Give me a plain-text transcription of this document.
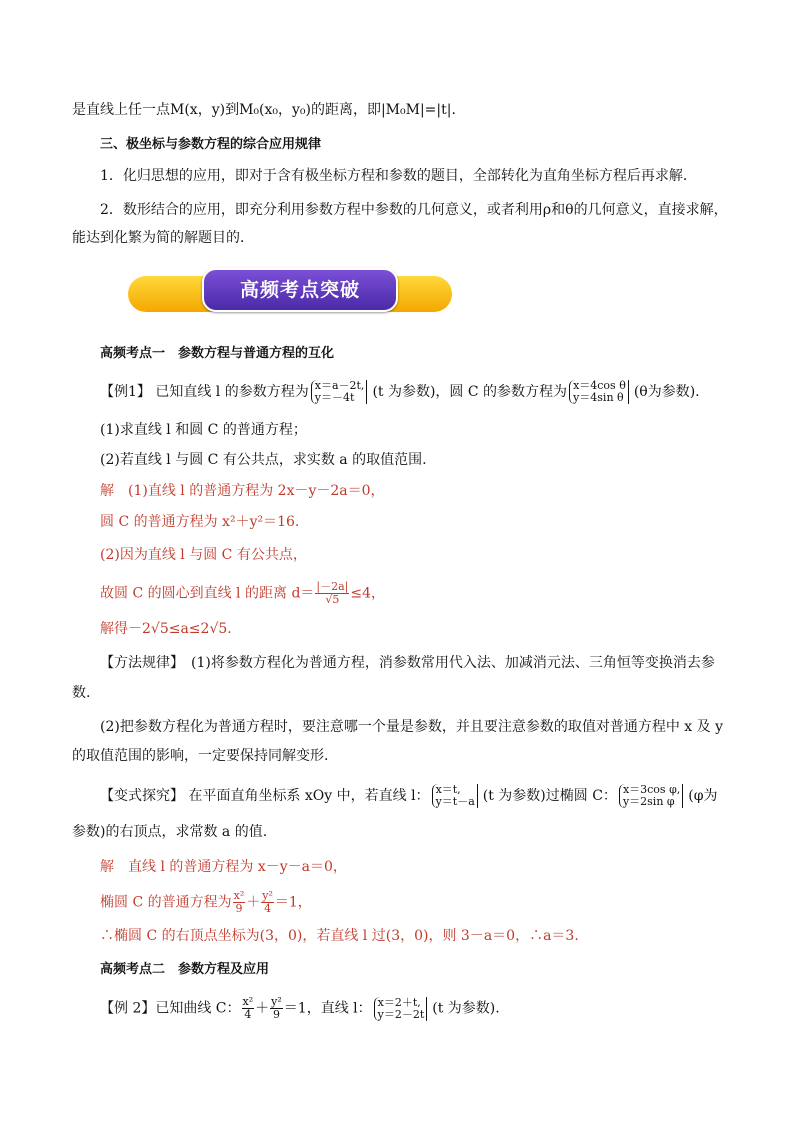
是直线上任一点M(x，y)到M₀(x₀，y₀)的距离，即|M₀M|=|t|.
三、极坐标与参数方程的综合应用规律
1．化归思想的应用，即对于含有极坐标方程和参数的题目，全部转化为直角坐标方程后再求解．
2．数形结合的应用，即充分利用参数方程中参数的几何意义，或者利用ρ和θ的几何意义，直接求解，
能达到化繁为简的解题目的．
高频考点突破
高频考点一　参数方程与普通方程的互化
【例1】 已知直线 l 的参数方程为 x＝a－2t,
y＝－4t	(t 为参数)，圆 C 的参数方程为 x＝4cos θ
y＝4sin θ (θ为参数).
(1)求直线 l 和圆 C 的普通方程；
(2)若直线 l 与圆 C 有公共点，求实数 a 的取值范围.
解　(1)直线 l 的普通方程为 2x－y－2a＝0，
圆 C 的普通方程为 x²＋y²＝16.
(2)因为直线 l 与圆 C 有公共点，
故圆 C 的圆心到直线 l 的距离 $d= \frac{|-2a|}{√5} \le 4$，
解得－2√5≤a≤2√5.
【方法规律】　(1)将参数方程化为普通方程，消参数常用代入法、加减消元法、三角恒等变换消去参
数.
(2)把参数方程化为普通方程时，要注意哪一个量是参数，并且要注意参数的取值对普通方程中 x 及 y
的取值范围的影响，一定要保持同解变形.
【变式探究】 在平面直角坐标系 xOy 中，若直线 l： x＝t,
y＝t－a (t 为参数)过椭圆 C： x＝3cos φ,
y＝2sin φ (φ为
参数)的右顶点，求常数 a 的值.
解　直线 l 的普通方程为 x－y－a＝0，
椭圆 C 的普通方程为 $\frac{\text{x²}}{9} + \frac{\text{y²}}{4} =1$，
∴椭圆 C 的右顶点坐标为(3，0)，若直线 l 过(3，0)，则 3－a＝0，∴a＝3.
高频考点二　参数方程及应用
【例 2】已知曲线 C： $\frac{\text{x²}}{4} + \frac{\text{y²}}{9} =1$，直线 l： x＝2＋t,
y＝2－2t (t 为参数).
